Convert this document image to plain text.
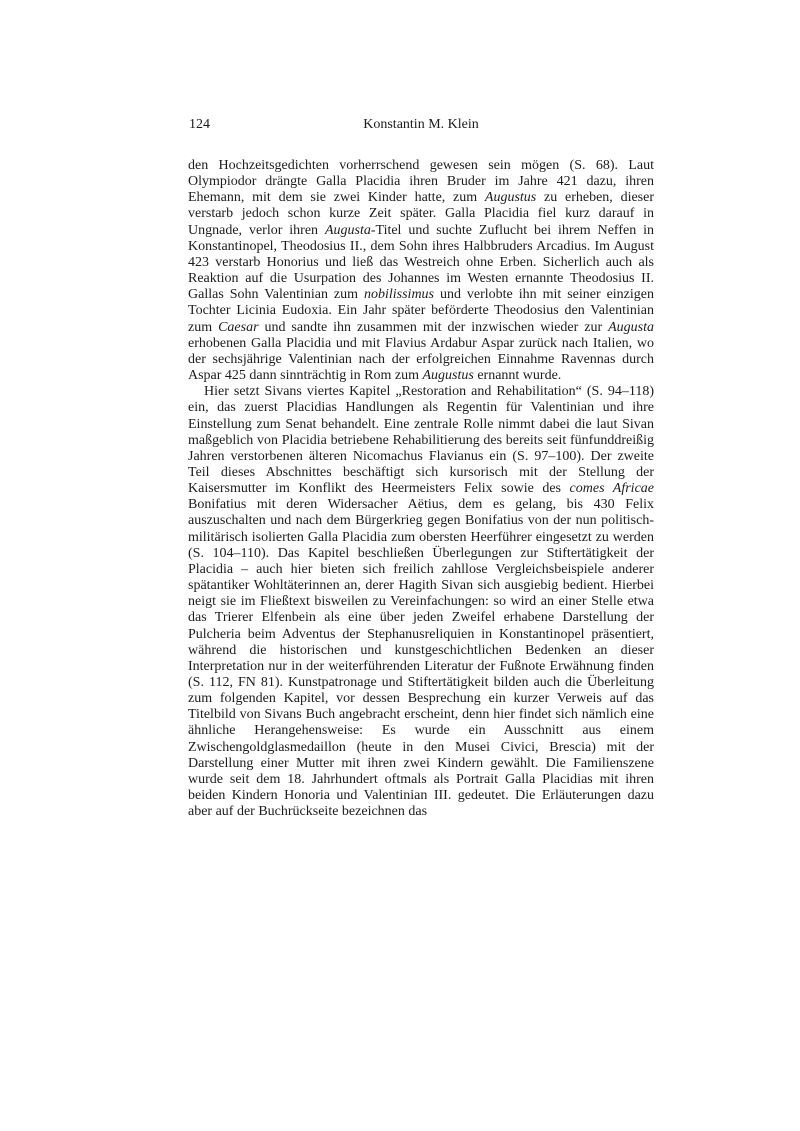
124	Konstantin M. Klein

den Hochzeitsgedichten vorherrschend gewesen sein mögen (S. 68). Laut Olympiodor drängte Galla Placidia ihren Bruder im Jahre 421 dazu, ihren Ehemann, mit dem sie zwei Kinder hatte, zum Augustus zu erheben, dieser verstarb jedoch schon kurze Zeit später. Galla Placidia fiel kurz darauf in Ungnade, verlor ihren Augusta-Titel und suchte Zuflucht bei ihrem Neffen in Konstantinopel, Theodosius II., dem Sohn ihres Halbbruders Arcadius. Im August 423 verstarb Honorius und ließ das Westreich ohne Erben. Sicherlich auch als Reaktion auf die Usurpation des Johannes im Westen ernannte Theodosius II. Gallas Sohn Valentinian zum nobilissimus und verlobte ihn mit seiner einzigen Tochter Licinia Eudoxia. Ein Jahr später beförderte Theodosius den Valentinian zum Caesar und sandte ihn zusammen mit der inzwischen wieder zur Augusta erhobenen Galla Placidia und mit Flavius Ardabur Aspar zurück nach Italien, wo der sechsjährige Valentinian nach der erfolgreichen Einnahme Ravennas durch Aspar 425 dann sinnträchtig in Rom zum Augustus ernannt wurde.

Hier setzt Sivans viertes Kapitel „Restoration and Rehabilitation“ (S. 94–118) ein, das zuerst Placidias Handlungen als Regentin für Valentinian und ihre Einstellung zum Senat behandelt. Eine zentrale Rolle nimmt dabei die laut Sivan maßgeblich von Placidia betriebene Rehabilitierung des bereits seit fünfunddreißig Jahren verstorbenen älteren Nicomachus Flavianus ein (S. 97–100). Der zweite Teil dieses Abschnittes beschäftigt sich kursorisch mit der Stellung der Kaisersmutter im Konflikt des Heermeisters Felix sowie des comes Africae Bonifatius mit deren Widersacher Aëtius, dem es gelang, bis 430 Felix auszuschalten und nach dem Bürgerkrieg gegen Bonifatius von der nun politisch-militärisch isolierten Galla Placidia zum obersten Heerführer eingesetzt zu werden (S. 104–110). Das Kapitel beschließen Überlegungen zur Stiftertätigkeit der Placidia – auch hier bieten sich freilich zahllose Vergleichsbeispiele anderer spätantiker Wohltäterinnen an, derer Hagith Sivan sich ausgiebig bedient. Hierbei neigt sie im Fließtext bisweilen zu Vereinfachungen: so wird an einer Stelle etwa das Trierer Elfenbein als eine über jeden Zweifel erhabene Darstellung der Pulcheria beim Adventus der Stephanusreliquien in Konstantinopel präsentiert, während die historischen und kunstgeschichtlichen Bedenken an dieser Interpretation nur in der weiterführenden Literatur der Fußnote Erwähnung finden (S. 112, FN 81). Kunstpatronage und Stiftertätigkeit bilden auch die Überleitung zum folgenden Kapitel, vor dessen Besprechung ein kurzer Verweis auf das Titelbild von Sivans Buch angebracht erscheint, denn hier findet sich nämlich eine ähnliche Herangehensweise: Es wurde ein Ausschnitt aus einem Zwischengoldglasmedaillon (heute in den Musei Civici, Brescia) mit der Darstellung einer Mutter mit ihren zwei Kindern gewählt. Die Familienszene wurde seit dem 18. Jahrhundert oftmals als Portrait Galla Placidias mit ihren beiden Kindern Honoria und Valentinian III. gedeutet. Die Erläuterungen dazu aber auf der Buchrückseite bezeichnen das
